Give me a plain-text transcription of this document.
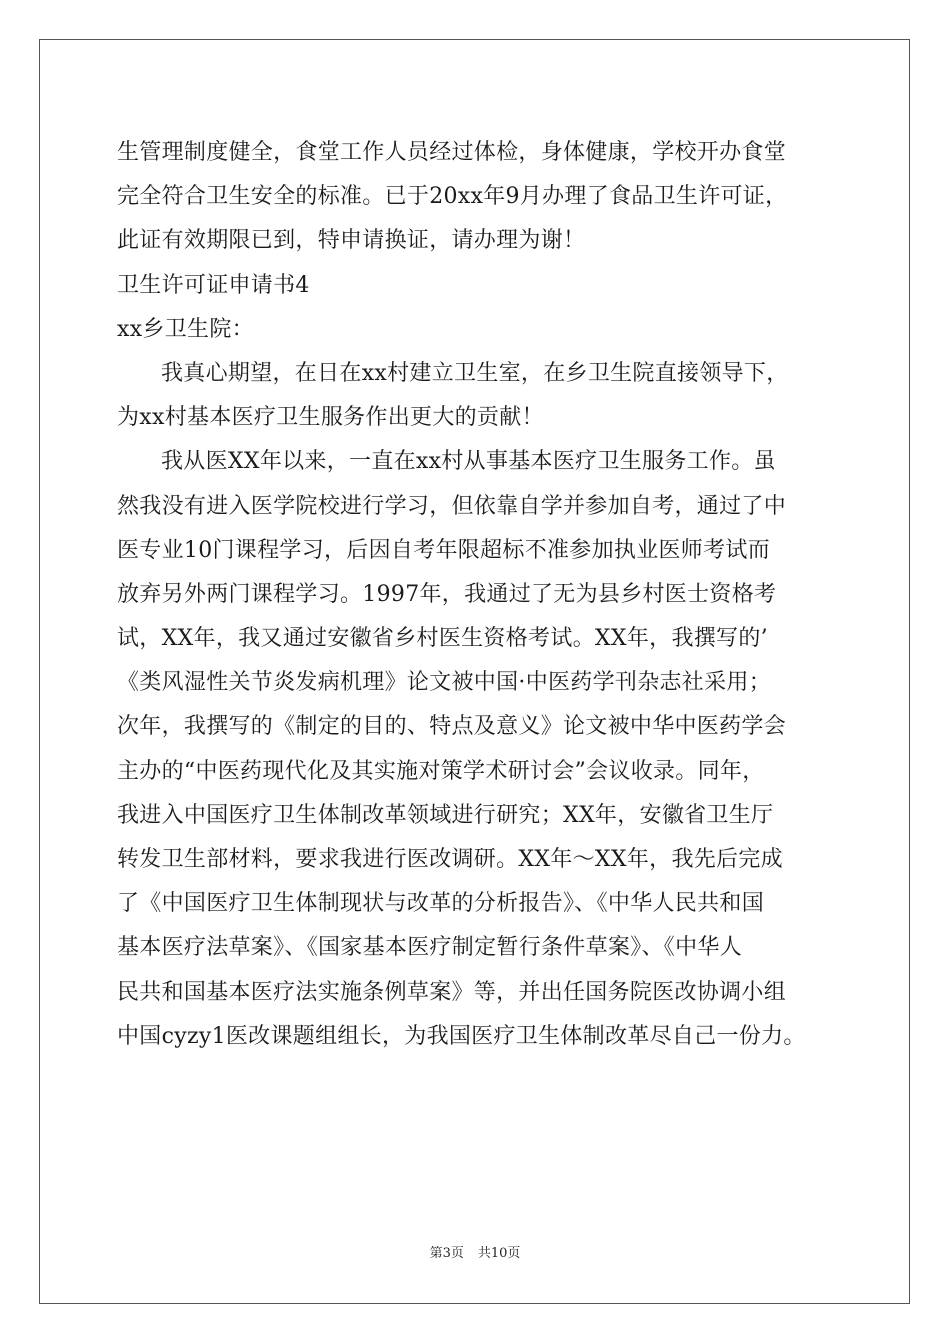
生管理制度健全，食堂工作人员经过体检，身体健康，学校开办食堂
完全符合卫生安全的标准。已于20xx年9月办理了食品卫生许可证，
此证有效期限已到，特申请换证，请办理为谢！
卫生许可证申请书4
xx乡卫生院：
我真心期望，在日在xx村建立卫生室，在乡卫生院直接领导下，
为xx村基本医疗卫生服务作出更大的贡献！
我从医XX年以来，一直在xx村从事基本医疗卫生服务工作。虽
然我没有进入医学院校进行学习，但依靠自学并参加自考，通过了中
医专业10门课程学习，后因自考年限超标不准参加执业医师考试而
放弃另外两门课程学习。1997年，我通过了无为县乡村医士资格考
试，XX年，我又通过安徽省乡村医生资格考试。XX年，我撰写的’
《类风湿性关节炎发病机理》论文被中国·中医药学刊杂志社采用；
次年，我撰写的《制定的目的、特点及意义》论文被中华中医药学会
主办的“中医药现代化及其实施对策学术研讨会”会议收录。同年，
我进入中国医疗卫生体制改革领域进行研究；XX年，安徽省卫生厅
转发卫生部材料，要求我进行医改调研。XX年～XX年，我先后完成
了《中国医疗卫生体制现状与改革的分析报告》、《中华人民共和国
基本医疗法草案》、《国家基本医疗制定暂行条件草案》、《中华人
民共和国基本医疗法实施条例草案》等，并出任国务院医改协调小组
中国cyzy1医改课题组组长，为我国医疗卫生体制改革尽自己一份力。
第3页 共10页
